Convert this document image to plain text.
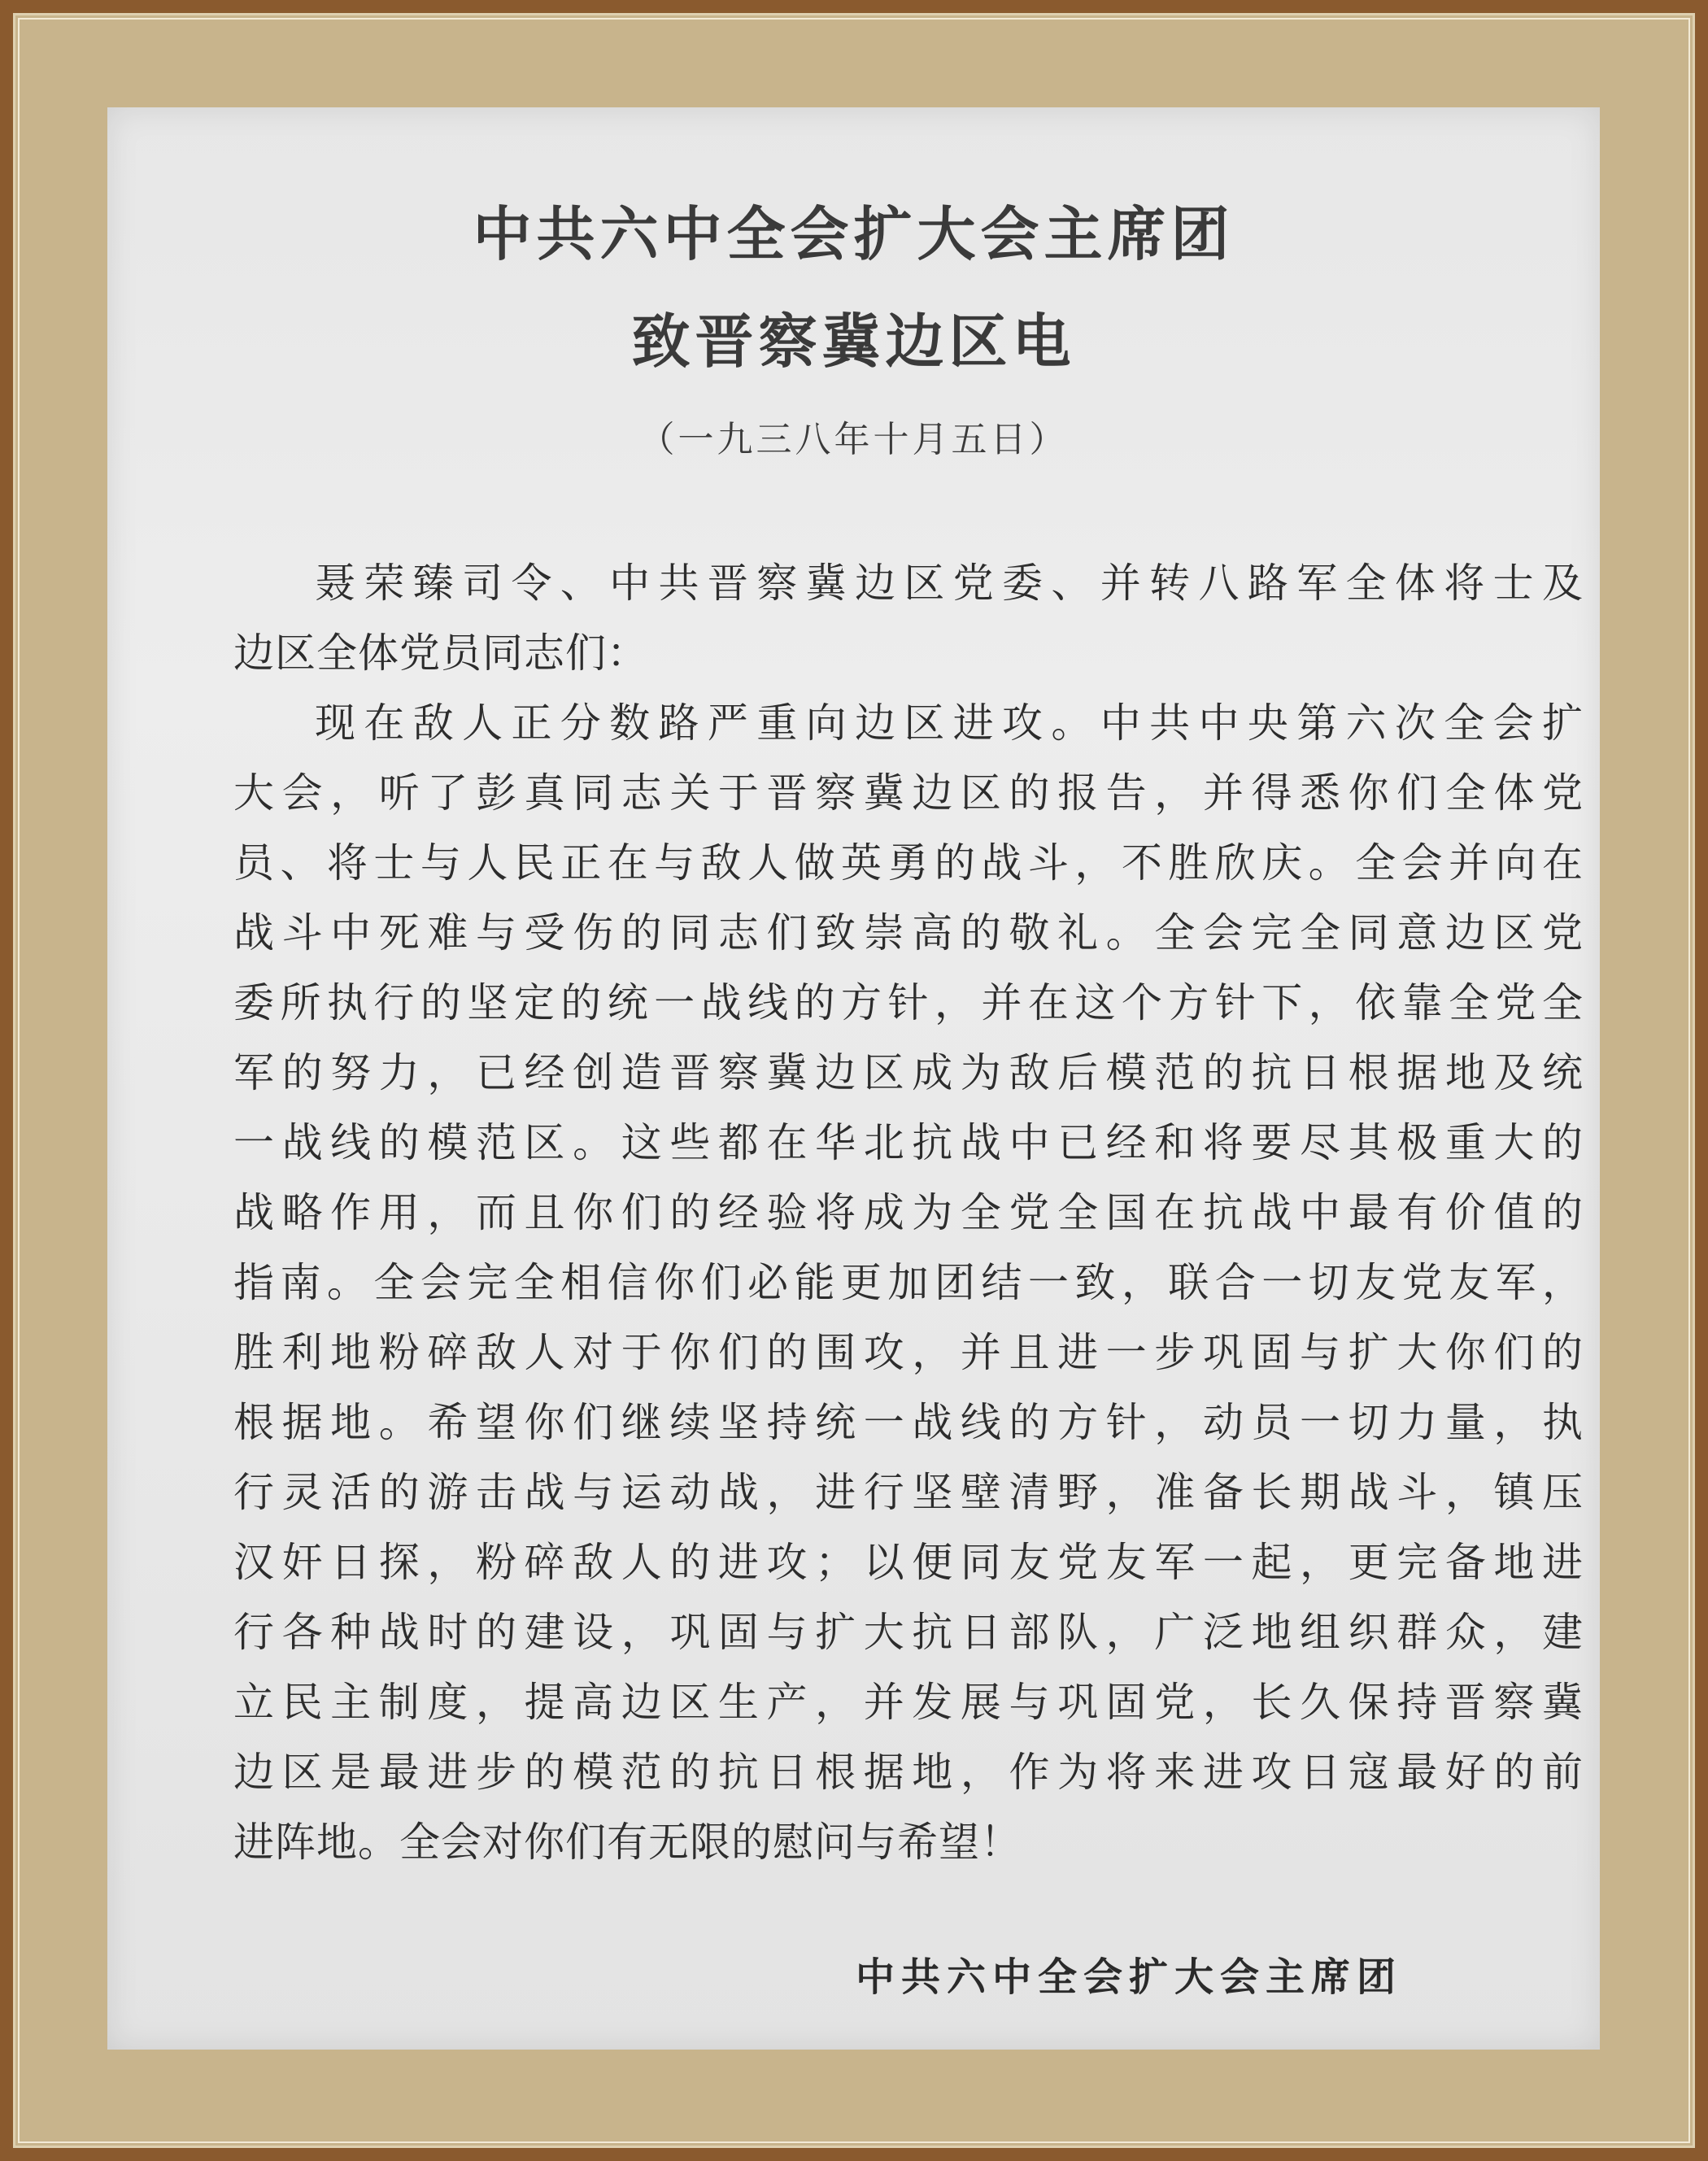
中共六中全会扩大会主席团
致晋察冀边区电
（一九三八年十月五日）
聂荣臻司令、中共晋察冀边区党委、并转八路军全体将士及
边区全体党员同志们：
现在敌人正分数路严重向边区进攻。中共中央第六次全会扩
大会，听了彭真同志关于晋察冀边区的报告，并得悉你们全体党
员、将士与人民正在与敌人做英勇的战斗，不胜欣庆。全会并向在
战斗中死难与受伤的同志们致崇高的敬礼。全会完全同意边区党
委所执行的坚定的统一战线的方针，并在这个方针下，依靠全党全
军的努力，已经创造晋察冀边区成为敌后模范的抗日根据地及统
一战线的模范区。这些都在华北抗战中已经和将要尽其极重大的
战略作用，而且你们的经验将成为全党全国在抗战中最有价值的
指南。全会完全相信你们必能更加团结一致，联合一切友党友军，
胜利地粉碎敌人对于你们的围攻，并且进一步巩固与扩大你们的
根据地。希望你们继续坚持统一战线的方针，动员一切力量，执
行灵活的游击战与运动战，进行坚壁清野，准备长期战斗，镇压
汉奸日探，粉碎敌人的进攻；以便同友党友军一起，更完备地进
行各种战时的建设，巩固与扩大抗日部队，广泛地组织群众，建
立民主制度，提高边区生产，并发展与巩固党，长久保持晋察冀
边区是最进步的模范的抗日根据地，作为将来进攻日寇最好的前
进阵地。全会对你们有无限的慰问与希望！
中共六中全会扩大会主席团
